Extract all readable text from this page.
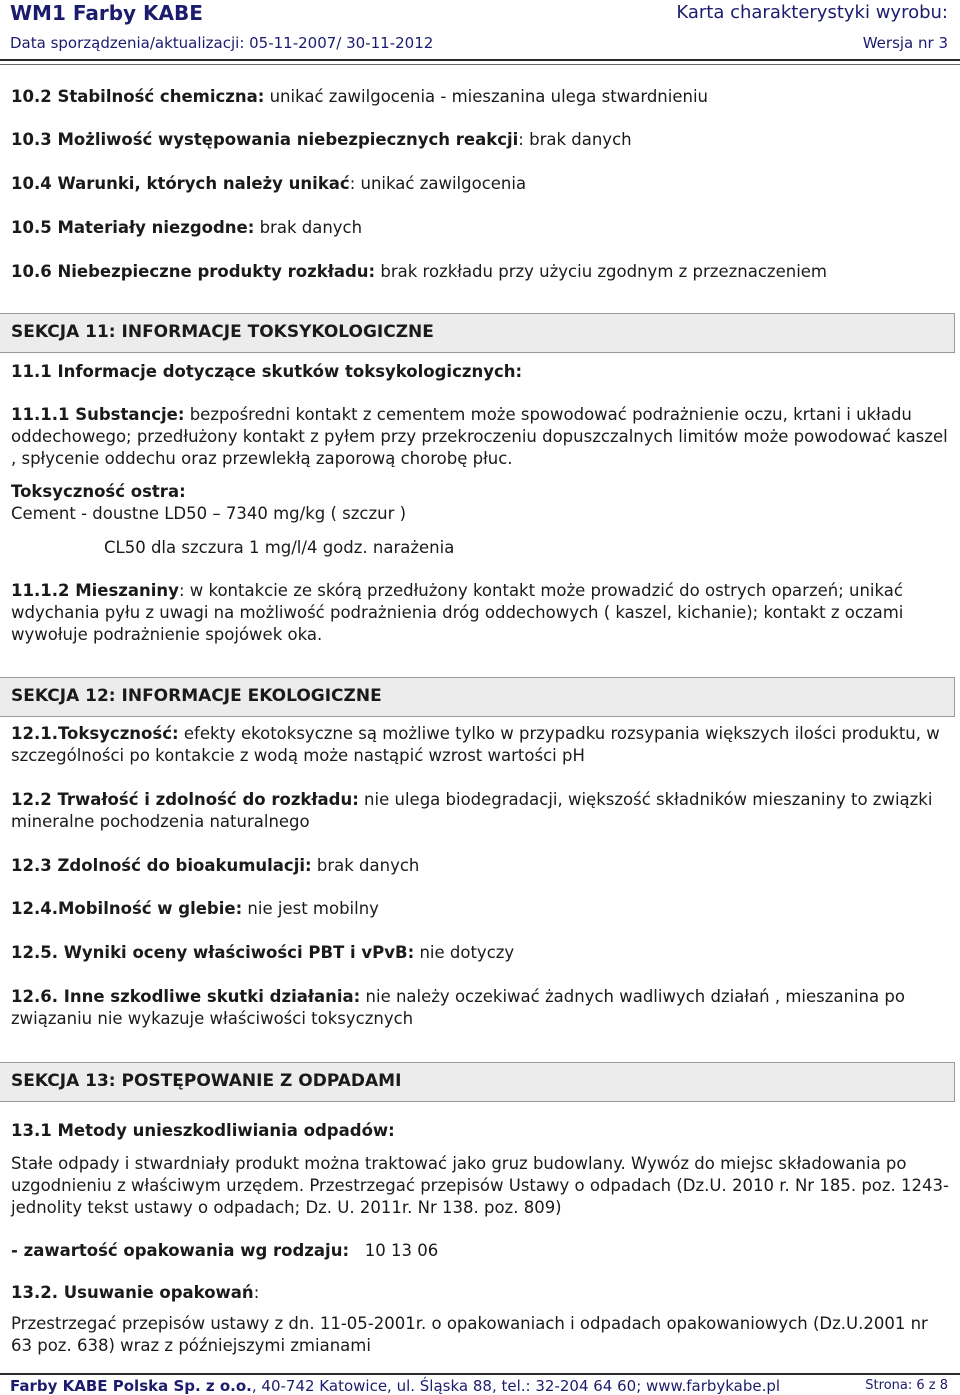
WM1 Farby KABE	Karta charakterystyki wyrobu:
Data sporządzenia/aktualizacji: 05-11-2007/ 30-11-2012	Wersja nr 3

10.2 Stabilność chemiczna: unikać zawilgocenia - mieszanina ulega stwardnieniu

10.3 Możliwość występowania niebezpiecznych reakcji: brak danych

10.4 Warunki, których należy unikać: unikać zawilgocenia

10.5 Materiały niezgodne: brak danych

10.6 Niebezpieczne produkty rozkładu: brak rozkładu przy użyciu zgodnym z przeznaczeniem

SEKCJA 11: INFORMACJE TOKSYKOLOGICZNE

11.1 Informacje dotyczące skutków toksykologicznych:

11.1.1 Substancje: bezpośredni kontakt z cementem może spowodować podrażnienie oczu, krtani i układu oddechowego; przedłużony kontakt z pyłem przy przekroczeniu dopuszczalnych limitów może powodować kaszel , spłycenie oddechu oraz przewlekłą zaporową chorobę płuc.

Toksyczność ostra:

Cement - doustne LD50 – 7340 mg/kg ( szczur )

CL50 dla szczura 1 mg/l/4 godz. narażenia

11.1.2 Mieszaniny: w kontakcie ze skórą przedłużony kontakt może prowadzić do ostrych oparzeń; unikać wdychania pyłu z uwagi na możliwość podrażnienia dróg oddechowych ( kaszel, kichanie); kontakt z oczami wywołuje podrażnienie spojówek oka.

SEKCJA 12: INFORMACJE EKOLOGICZNE

12.1.Toksyczność: efekty ekotoksyczne są możliwe tylko w przypadku rozsypania większych ilości produktu, w szczególności po kontakcie z wodą może nastąpić wzrost wartości pH

12.2 Trwałość i zdolność do rozkładu: nie ulega biodegradacji, większość składników mieszaniny to związki mineralne pochodzenia naturalnego

12.3 Zdolność do bioakumulacji: brak danych

12.4.Mobilność w glebie: nie jest mobilny

12.5. Wyniki oceny właściwości PBT i vPvB: nie dotyczy

12.6. Inne szkodliwe skutki działania: nie należy oczekiwać żadnych wadliwych działań , mieszanina po związaniu nie wykazuje właściwości toksycznych

SEKCJA 13: POSTĘPOWANIE Z ODPADAMI

13.1 Metody unieszkodliwiania odpadów:

Stałe odpady i stwardniały produkt można traktować jako gruz budowlany. Wywóz do miejsc składowania po uzgodnieniu z właściwym urzędem. Przestrzegać przepisów Ustawy o odpadach (Dz.U. 2010 r. Nr 185. poz. 1243- jednolity tekst ustawy o odpadach; Dz. U. 2011r. Nr 138. poz. 809)

- zawartość opakowania wg rodzaju:   10 13 06

13.2. Usuwanie opakowań:

Przestrzegać przepisów ustawy z dn. 11-05-2001r. o opakowaniach i odpadach opakowaniowych (Dz.U.2001 nr 63 poz. 638) wraz z późniejszymi zmianami

Farby KABE Polska Sp. z o.o., 40-742 Katowice, ul. Śląska 88, tel.: 32-204 64 60; www.farbykabe.pl	Strona: 6 z 8
